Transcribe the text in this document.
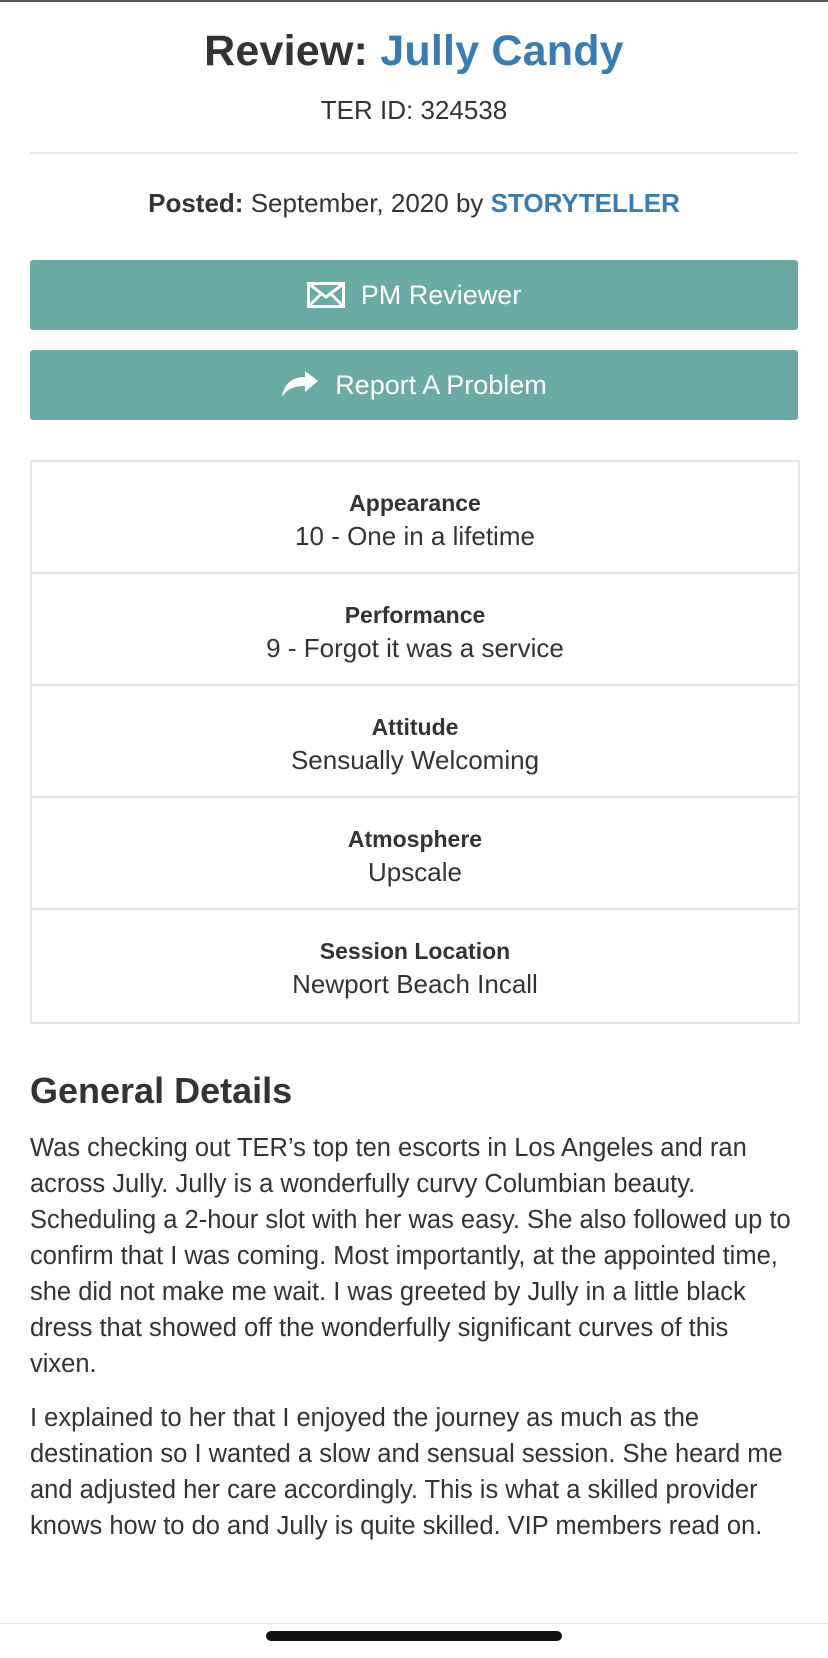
Review: Jully Candy
TER ID: 324538
Posted: September, 2020 by STORYTELLER
PM Reviewer
Report A Problem
Appearance
10 - One in a lifetime
Performance
9 - Forgot it was a service
Attitude
Sensually Welcoming
Atmosphere
Upscale
Session Location
Newport Beach Incall
General Details

Was checking out TER’s top ten escorts in Los Angeles and ran across Jully. Jully is a wonderfully curvy Columbian beauty. Scheduling a 2-hour slot with her was easy. She also followed up to confirm that I was coming. Most importantly, at the appointed time, she did not make me wait. I was greeted by Jully in a little black dress that showed off the wonderfully significant curves of this vixen.

I explained to her that I enjoyed the journey as much as the destination so I wanted a slow and sensual session. She heard me and adjusted her care accordingly. This is what a skilled provider knows how to do and Jully is quite skilled. VIP members read on.
